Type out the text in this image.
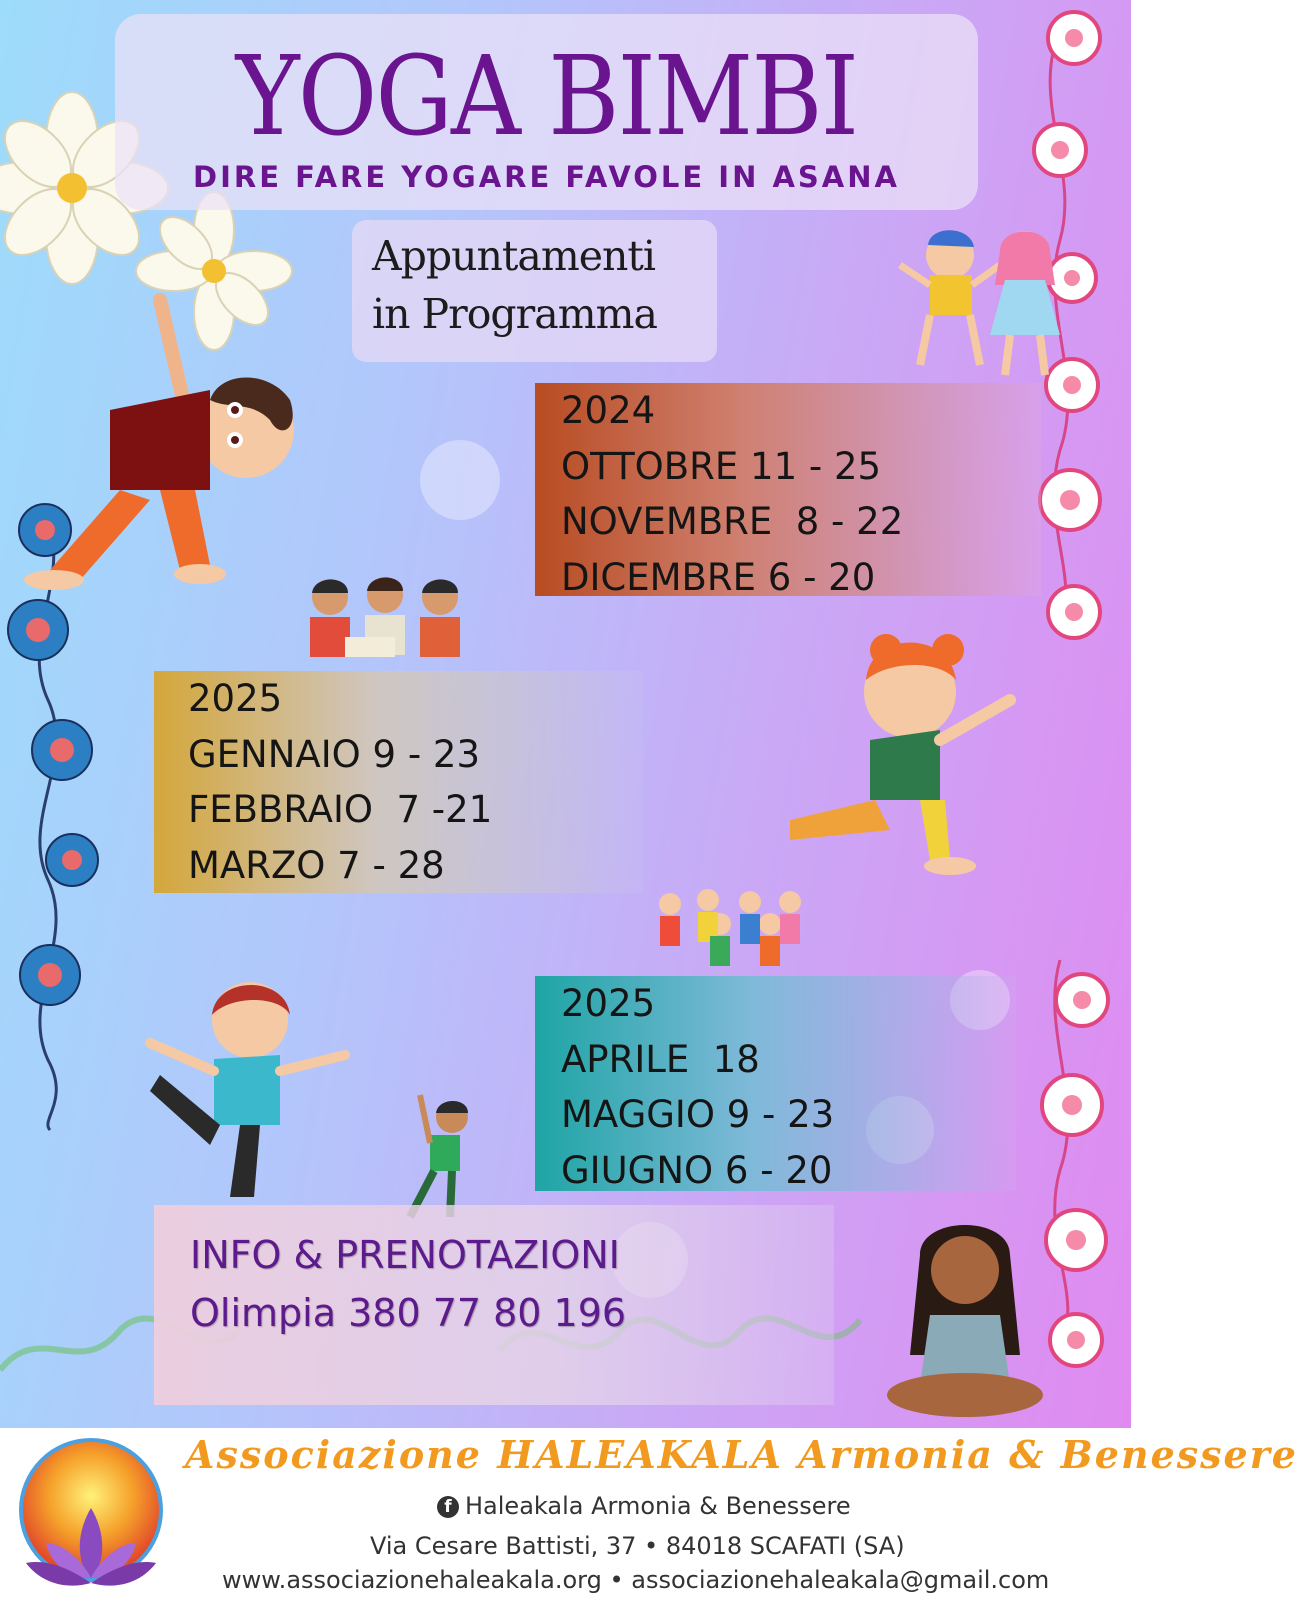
YOGA BIMBI
DIRE FARE YOGARE FAVOLE IN ASANA
Appuntamenti
in Programma
2024
OTTOBRE 11 - 25
NOVEMBRE  8 - 22
DICEMBRE 6 - 20
2025
GENNAIO 9 - 23
FEBBRAIO  7 -21
MARZO 7 - 28
2025
APRILE  18
MAGGIO 9 - 23
GIUGNO 6 - 20
INFO & PRENOTAZIONI
Olimpia 380 77 80 196
Associazione HALEAKALA Armonia & Benessere
f Haleakala Armonia & Benessere
Via Cesare Battisti, 37 • 84018 SCAFATI (SA)
www.associazionehaleakala.org • associazionehaleakala@gmail.com
